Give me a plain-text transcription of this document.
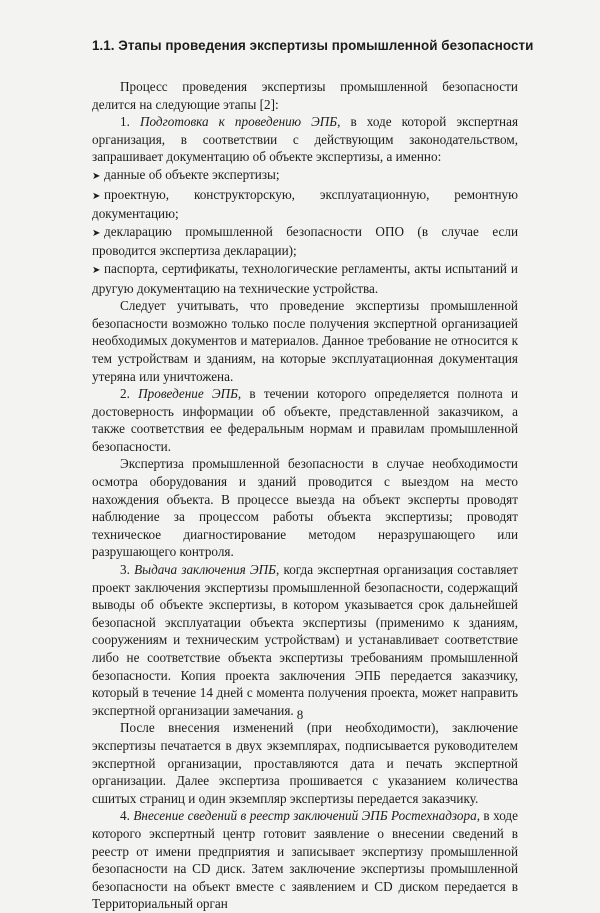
1.1. Этапы проведения экспертизы промышленной безопасности

Процесс проведения экспертизы промышленной безопасности делится на следующие этапы [2]:

1. Подготовка к проведению ЭПБ, в ходе которой экспертная организация, в соответствии с действующим законодательством, запрашивает документацию об объекте экспертизы, а именно:

➤ данные об объекте экспертизы;

➤ проектную, конструкторскую, эксплуатационную, ремонтную документацию;

➤ декларацию промышленной безопасности ОПО (в случае если проводится экспертиза декларации);

➤ паспорта, сертификаты, технологические регламенты, акты испытаний и другую документацию на технические устройства.

Следует учитывать, что проведение экспертизы промышленной безопасности возможно только после получения экспертной организацией необходимых документов и материалов. Данное требование не относится к тем устройствам и зданиям, на которые эксплуатационная документация утеряна или уничтожена.

2. Проведение ЭПБ, в течении которого определяется полнота и достоверность информации об объекте, представленной заказчиком, а также соответствия ее федеральным нормам и правилам промышленной безопасности.

Экспертиза промышленной безопасности в случае необходимости осмотра оборудования и зданий проводится с выездом на место нахождения объекта. В процессе выезда на объект эксперты проводят наблюдение за процессом работы объекта экспертизы; проводят техническое диагностирование методом неразрушающего или разрушающего контроля.

3. Выдача заключения ЭПБ, когда экспертная организация составляет проект заключения экспертизы промышленной безопасности, содержащий выводы об объекте экспертизы, в котором указывается срок дальнейшей безопасной эксплуатации объекта экспертизы (применимо к зданиям, сооружениям и техническим устройствам) и устанавливает соответствие либо не соответствие объекта экспертизы требованиям промышленной безопасности. Копия проекта заключения ЭПБ передается заказчику, который в течение 14 дней с момента получения проекта, может направить экспертной организации замечания.

После внесения изменений (при необходимости), заключение экспертизы печатается в двух экземплярах, подписывается руководителем экспертной организации, проставляются дата и печать экспертной организации. Далее экспертиза прошивается с указанием количества сшитых страниц и один экземпляр экспертизы передается заказчику.

4. Внесение сведений в реестр заключений ЭПБ Ростехнадзора, в ходе которого экспертный центр готовит заявление о внесении сведений в реестр от имени предприятия и записывает экспертизу промышленной безопасности на CD диск. Затем заключение экспертизы промышленной безопасности на объект вместе с заявлением и CD диском передается в Территориальный орган

8
